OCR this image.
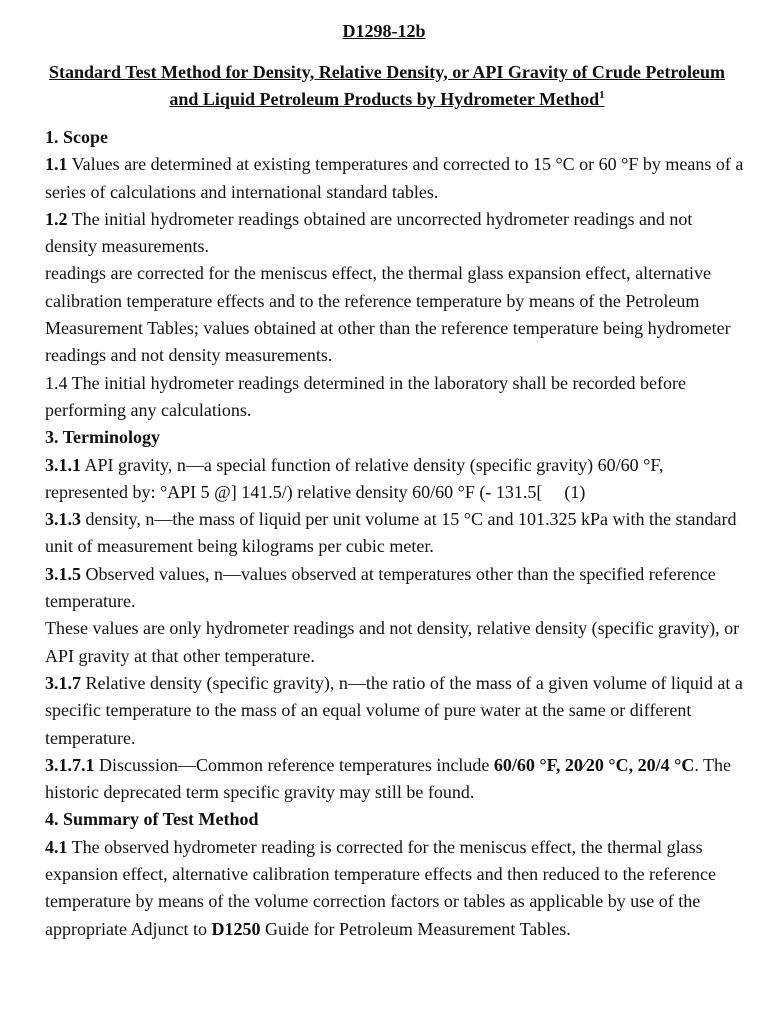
D1298-12b
Standard Test Method for Density, Relative Density, or API Gravity of Crude Petroleum and Liquid Petroleum Products by Hydrometer Method$^1$

1. Scope

1.1 Values are determined at existing temperatures and corrected to 15 °C or 60 °F by means of a series of calculations and international standard tables.

1.2 The initial hydrometer readings obtained are uncorrected hydrometer readings and not density measurements.

readings are corrected for the meniscus effect, the thermal glass expansion effect, alternative calibration temperature effects and to the reference temperature by means of the Petroleum Measurement Tables; values obtained at other than the reference temperature being hydrometer readings and not density measurements.

1.4 The initial hydrometer readings determined in the laboratory shall be recorded before performing any calculations.

3. Terminology

3.1.1 API gravity, n—a special function of relative density (specific gravity) 60/60 °F, represented by: °API 5 @] 141.5/) relative density 60/60 °F (- 131.5[ (1)

3.1.3 density, n—the mass of liquid per unit volume at 15 °C and 101.325 kPa with the standard unit of measurement being kilograms per cubic meter.

3.1.5 Observed values, n—values observed at temperatures other than the specified reference temperature.

These values are only hydrometer readings and not density, relative density (specific gravity), or API gravity at that other temperature.

3.1.7 Relative density (specific gravity), n—the ratio of the mass of a given volume of liquid at a specific temperature to the mass of an equal volume of pure water at the same or different temperature.

3.1.7.1 Discussion—Common reference temperatures include 60/60 °F, 20⁄20 °C, 20/4 °C. The historic deprecated term specific gravity may still be found.

4. Summary of Test Method

4.1 The observed hydrometer reading is corrected for the meniscus effect, the thermal glass expansion effect, alternative calibration temperature effects and then reduced to the reference temperature by means of the volume correction factors or tables as applicable by use of the appropriate Adjunct to D1250 Guide for Petroleum Measurement Tables.
